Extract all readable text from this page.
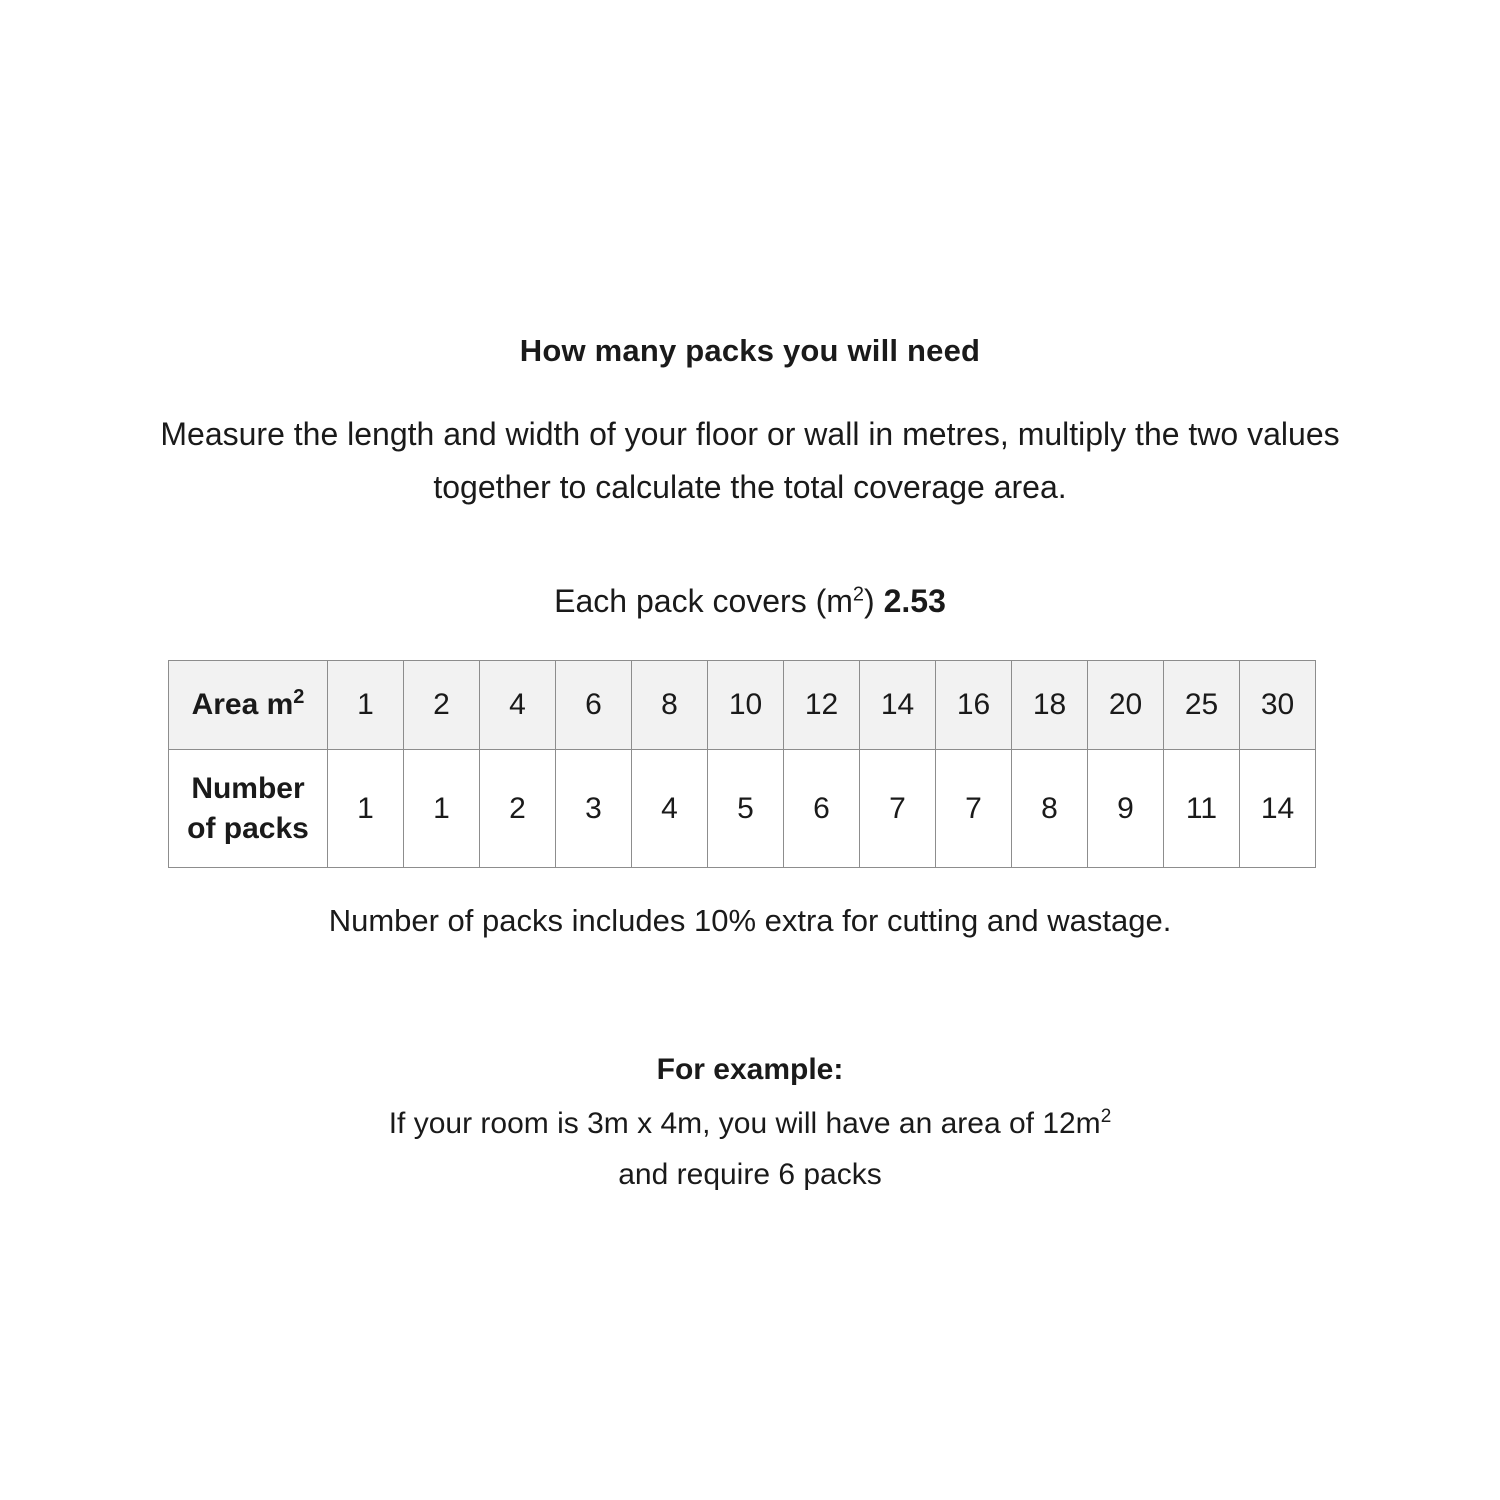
How many packs you will need
Measure the length and width of your floor or wall in metres, multiply the two values together to calculate the total coverage area.
Each pack covers $(m^2)$ 2.53
Area $m^2$	1	2	4	6	8	10	12	14	16	18	20	25	30

Number
of packs	1	1	2	3	4	5	6	7	7	8	9	11	14
Number of packs includes 10% extra for cutting and wastage.
For example:
If your room is 3m x 4m, you will have an area of $12m^2$
and require 6 packs
